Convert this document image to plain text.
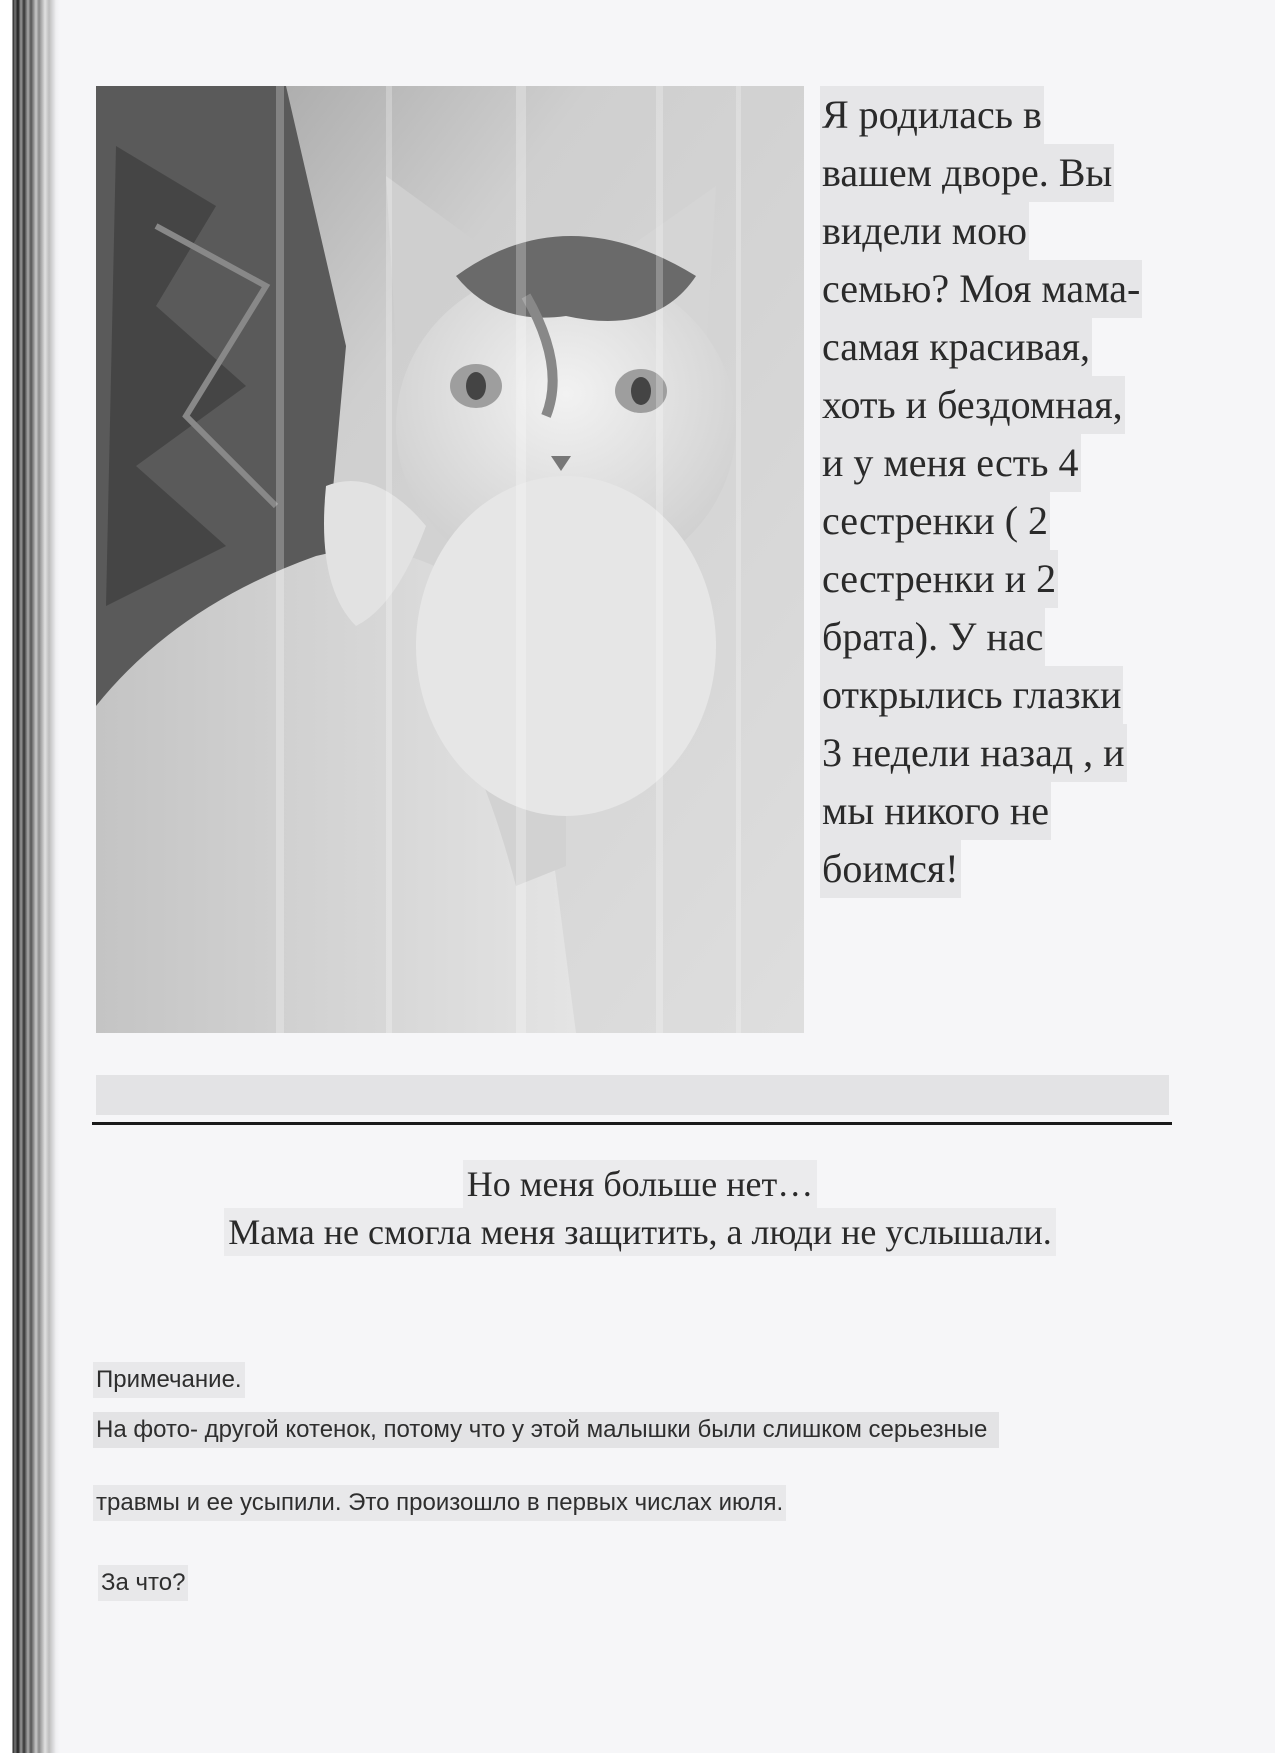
Я родилась в
вашем дворе. Вы
видели мою
семью? Моя мама-
самая красивая,
хоть и бездомная,
и у меня есть 4
сестренки ( 2
сестренки и 2
брата). У нас
открылись глазки
3 недели назад , и
мы никого не
боимся!
Но меня больше нет…
Мама не смогла меня защитить, а люди не услышали.
Примечание.
На фото- другой котенок, потому что у этой малышки были слишком серьезные
травмы и ее усыпили. Это произошло в первых числах июля.
За что?
